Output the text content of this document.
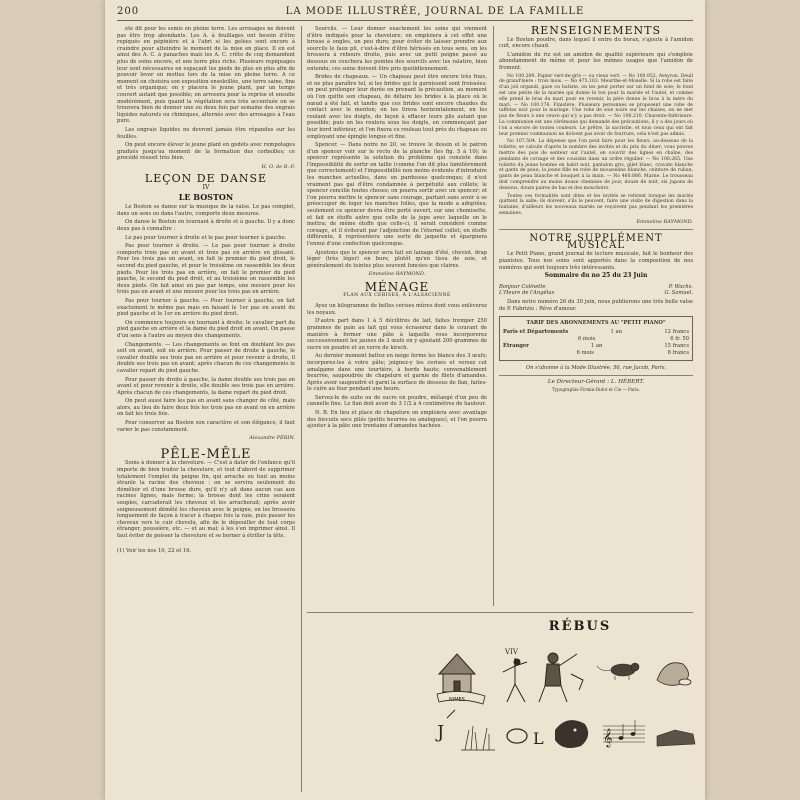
200	LA MODE ILLUSTRÉE, JOURNAL DE LA FAMILLE

été dit pour les semis en pleine terre. Les arrosages ne doivent pas être trop abondants. Les A. à feuillages ont besoin d'être repiqués en pépinière et à l'abri si les gelées sont encore à craindre pour atteindre le moment de la mise en place. Il en est ainsi des A. C. à panaches mais les A. C. crête de coq demandent plus de soins encore, et une terre plus riche. Plusieurs repiquages leur sont nécessaires en espaçant les pieds de plus en plus afin de pouvoir lever en mottes lors de la mise en pleine terre. A ce moment on choisira son exposition ensoleillée, une terre saine, fine et très organique; on y placera le jeune plant, par un temps couvert autant que possible; on arrosera pour la reprise et ensuite modérément, puis quand la végétation sera très accentuée on se trouvera bien de donner une ou deux fois par semaine des engrais liquides naturels ou chimiques, alternés avec des arrosages à l'eau pure.

Les engrais liquides ne devront jamais être répandus sur les feuilles.

On peut encore élever le jeune plant en godets avec rempotages gradués jusqu'au moment de la formation des corbeilles; ce procédé réussit très bien.

H. O. de B.-F.
LEÇON DE DANSE
IV
LE BOSTON

Le Boston se danse sur la musique de la valse. Le pas complet, dans un sens ou dans l'autre, comporte deux mesures.

On danse le Boston en tournant à droite et à gauche. Il y a donc deux pas à connaître :

Le pas pour tourner à droite et le pas pour tourner à gauche.

Pas pour tourner à droite. — Le pas pour tourner à droite comporte trois pas en avant et trois pas en arrière en glissant. Pour les trois pas en avant, on fait le premier du pied droit, le second du pied gauche, et pour le troisième on rassemble les deux pieds. Pour les trois pas en arrière, on fait le premier du pied gauche, le second du pied droit, et au troisième on rassemble les deux pieds. On fait ainsi un pas par temps, une mesure pour les trois pas en avant et une mesure pour les trois pas en arrière.

Pas pour tourner à gauche. — Pour tourner à gauche, on fait exactement le même pas mais en faisant le 1er pas en avant du pied gauche et le 1er en arrière du pied droit.

On commence toujours en tournant à droite; le cavalier part du pied gauche en arrière et la dame du pied droit en avant. On passe d'un sens à l'autre au moyen des changements.

Changements. — Les changements se font en doublant les pas soit en avant, soit en arrière. Pour passer de droite à gauche, le cavalier double ses trois pas en arrière et pour revenir à droite, il double ses trois pas en avant; après chacun de ces changements le cavalier repart du pied gauche.

Pour passer de droite à gauche, la dame double ses trois pas en avant et pour revenir à droite, elle double ses trois pas en arrière. Après chacun de ces changements, la dame repart du pied droit.

On peut aussi faire les pas en avant sans changer de côté, mais alors, au lieu de faire deux fois les trois pas en avant on en arrière on fait les trois fois.

Pour conserver au Boston son caractère et son élégance, il faut varier le pas constamment.

Alexandre PÉRIN.
PÊLE-MÊLE

Soins à donner à la chevelure. — C'est à dater de l'enfance qu'il importe de bien traiter la chevelure, et tout d'abord de supprimer totalement l'emploi du peigne fin, qui arrache ou tout au moins étranle la racine des cheveux : on se servira seulement du démêloir et d'une brosse dure, qu'il n'y ait dans aucun cas aux racines lignes, mais ferme; la brosse dont les crins seraient souples, carcaderait les cheveux et les arracherait; après avoir soigneusement démêlé les cheveux avec le peigne, on les brossera longuement de façon à tracer à chaque fois la raie, puis passer les cheveux vers le cuir chevelu, afin de le dépouiller de tout corps étranger, poussière, etc. — et au mal; à les s'en imprimer ainsi. Il faut éviter de poisser la chevelure et se borner à étriller la tête.

(1) Voir les nos 10, 22 et 16.

Sourcils. — Leur donner exactement les soins qui viennent d'être indiqués pour la chevelure; on emploiera à cet effet une brosse à ongles, un peu dure; pour éviter de laisser prendre aux sourcils le faux pli, c'est-à-dire d'être hérissés en tous sens, on les brossera à rebours droite, puis avec un petit peigne passé au dessous on couchera les pointes des sourcils avec les ralatire, bien entendu; ces soins doivent être pris quotidiennement.

Brides de chapeaux. — Un chapeau peut être encore très frais, et ne plus paraître tel, si les brides qui le garnissent sont froissées; on peut prolonger leur durée en prenant la précaution, au moment où l'on quitte son chapeau, de défaire les brides à la place où le nœud a été fait, et tandis que ces brides sont encore chaudes du contact avec le menton; on les tirera horizontalement, en les roulant avec les doigts, de façon à effacer leurs plis autant que possible; puis on les roulera sous les doigts, en commençant par leur bord inférieur, et l'on fixera ce rouleau tout près du chapeau ou employant une épingle longue et fine.

Spencer. — Dans notre no 20, se trouve le dessin et le patron d'un spencer voir sur le recto de la planche (les fig. 5 à 10); le spencer représente la solution du problème qui consiste dans l'impossibilité de sortir en taille (comme l'on dit plus familièrement que correctement) et l'impossibilité non moins évidente d'introduire les manches actuelles, dans un pardessus quelconque; il n'est vraiment pas gai d'être condamnée à perpétuité aux collets; le spencer concilie toutes choses; on pourra sortir avec un spencer; et l'on pourra mettre le spencer sans courage, partant sans avoir à se préoccuper de loger les manches folles, que la mode a adoptées; seulement ce spencer devra être porté ouvert, sur une chemisette, et fait en étoffe autre que celle de la jupe avec laquelle on le mettra; de même étoffe que celle-ci, il serait considéré comme corsage, et il éviterait par l'adjonction de l'éternel collet; en étoffe différente, il représentera une sorte de jaquette et épargnera l'ennui d'une confection quelconque.

Ajoutons que le spencer sera fait en lainage d'été, cheviot, drap léger (très léger) en bure, plutôt qu'en tissu de soie, et généralement de teintes plus souvent foncées que claires.

Emmeline RAYMOND.
MÉNAGE
FLAN AUX CERISES, À L'ALSACIENNE

Ayez un kilogramme de belles cerises mûres dont vous enlèverez les noyaux.

D'autre part dans 1 à 5 décilitres de lait, faites tremper 250 grammes de pain au lait qui vous écraserez dans le courant de manière à former une pâte à laquelle vous incorporerez successivement les jaunes de 3 œufs en y ajoutant 200 grammes de sucre en poudre et un verre de kirsch.

Au dernier moment battez en neige ferme les blancs des 3 œufs; incorporez-les à votre pâte; joignez-y les cerises et versez cet amalgame dans une tourtière, à bords hauts; convenablement beurrée, saupoudrée de chapelure et garnie de filets d'amandes. Après avoir saupoudré et garni la surface de dessous de flan, faites-le cuire au four pendant une heure.

Servez-le de suite ou de sucre en poudre, mélangé d'un peu de cannelle fine. Le flan doit avoir de 3 1/2 à 4 centimètres de hauteur.

N. B. En lieu et place de chapelure on emploiera avec avantage des biscuits secs pilés (petits beurres ou analogues), et l'on pourra ajouter à la pâte une trentaine d'amandes hachées.

RENSEIGNEMENTS

Le Boston poudre, dans lequel il entre du borax, s'ajoute à l'amidon cuit, encore chaud.

L'amidon du riz est un amidon de qualité supérieure qui s'emploie abondamment de même et pour les mêmes usages que l'amidon de froment.

No 100.209. Papier vert-de-gris — ou vieux vert. — No 100.952. Aveyron. Deuil de grand'mère : trois mois. — No 475.103. Meurthe-et-Moselle. Si la robe est faite d'un joli organdi, gaze ou batiste, on les peut porter sur un fond de soie; le fond est une petite de la mariée qui donne le ton pour la mariée et l'autel, et comme elle prend le bras du mari pour en revenir, la père donne le bras à la mère du mari. — No 100.176. Finistère. Plusieurs personnes se proposent une robe de taffetas noir pour le mariage. Une robe de soie noire sur les chaises, on ne met pas de fleurs à une veuve qui n'y a pas droit. — No 100.210. Charente-Inférieure. La communion est une cérémonie qui demande des précautions, il y a des jours où l'on a encore de toutes couleurs. Le prêtre, la sacristie, et tous ceux qui ont fait leur premier communion ne doivent pas avoir de fourrure, cela n'est pas admis.

No 107.504. La dépense que l'on peut faire pour les fleurs, au-dessous de la toilette, se calcule d'après le nombre des invités et du prix du diner; vous pouvez mettre des pois de senteur sur l'autel, en couvrir des lignes en chaîne, des pendants de corsage et des coussins dans un ordre régulier. — No 100.265. Une toilette du jeune homme en habit noir, pantalon gris, gilet blanc, cravate blanche et gants de peau; la jeune fille en robe de mousseline blanche, ceinture de ruban, gants de peau blanche et bouquet à la main. — No 460.886. Marne. Le trousseau doit comprendre au moins douze chemises de jour, douze de nuit, six jupons de dessous, douze paires de bas et des mouchoirs.

Toutes ces formalités sont dites et les invités se retirent lorsque les mariés quittent la salle; ils doivent, s'ils le peuvent, faire une visite de digestion dans la huitaine, d'ailleurs les nouveaux mariés ne reçoivent pas pendant les premières semaines.

Emmeline RAYMOND.
NOTRE SUPPLÉMENT MUSICAL

Le Petit Piano, grand journal de lecture musicale, fait le bonheur des pianistes. Tous nos soins sont apportés dans la composition de nos numéros qui sont toujours très intéressants.

Sommaire du no 25 du 23 Juin
Bonjour Colinette	P. Wachs.
L'Heure de l'Angélus	G. Samuel.

Dans notre numéro 26 du 30 juin, nous publierons une très belle valse de P. Fabrizio : Rêve d'amour.

TARIF DES ABONNEMENTS AU "PETIT PIANO"
Paris et Départements	1 an	12 francs
6 mois	6 fr. 50
Étranger	1 an	15 francs
6 mois	8 francs

On s'abonne à la Mode Illustrée, 56, rue Jacob, Paris.

Le Directeur-Gérant : L. HÉBERT.

Typographie Firmin-Didot et Cie — Paris.

RÉBUS
NIMES
VIV
J	L	𝄞
